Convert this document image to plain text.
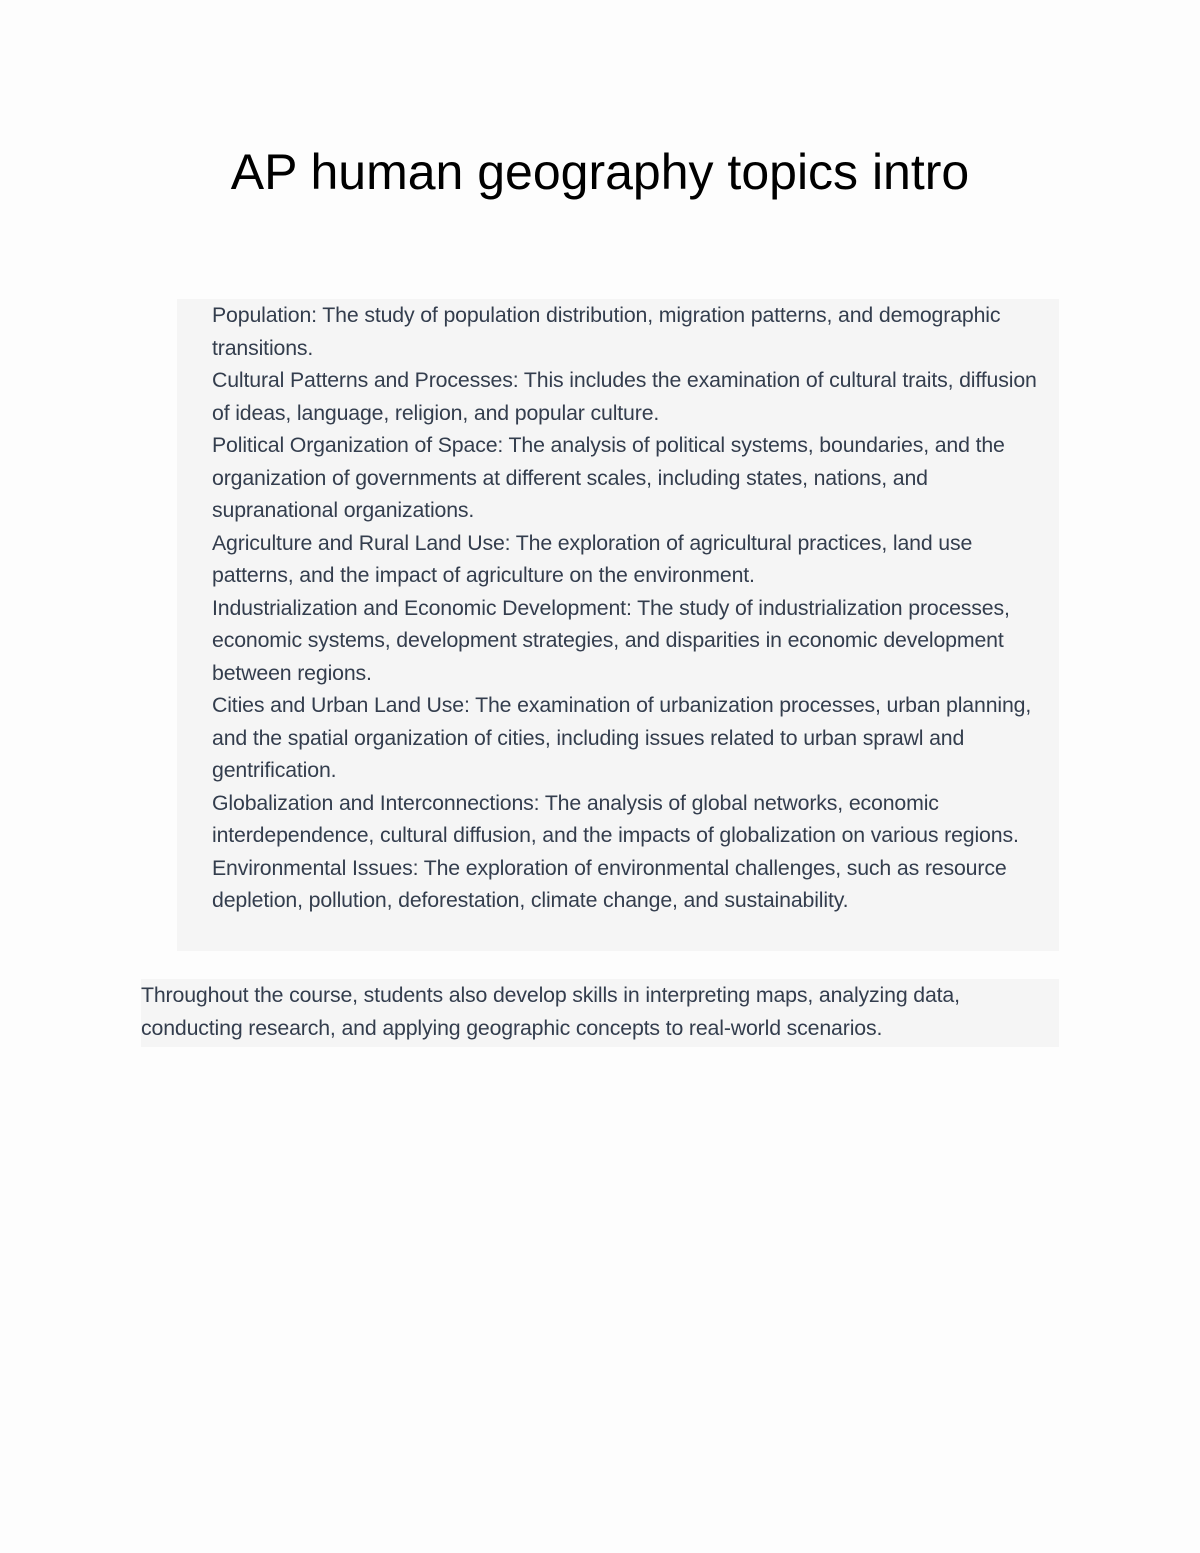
AP human geography topics intro
Population: The study of population distribution, migration patterns, and demographic transitions.
Cultural Patterns and Processes: This includes the examination of cultural traits, diffusion of ideas, language, religion, and popular culture.
Political Organization of Space: The analysis of political systems, boundaries, and the organization of governments at different scales, including states, nations, and supranational organizations.
Agriculture and Rural Land Use: The exploration of agricultural practices, land use patterns, and the impact of agriculture on the environment.
Industrialization and Economic Development: The study of industrialization processes, economic systems, development strategies, and disparities in economic development between regions.
Cities and Urban Land Use: The examination of urbanization processes, urban planning, and the spatial organization of cities, including issues related to urban sprawl and gentrification.
Globalization and Interconnections: The analysis of global networks, economic interdependence, cultural diffusion, and the impacts of globalization on various regions.
Environmental Issues: The exploration of environmental challenges, such as resource depletion, pollution, deforestation, climate change, and sustainability.

Throughout the course, students also develop skills in interpreting maps, analyzing data, conducting research, and applying geographic concepts to real-world scenarios.
